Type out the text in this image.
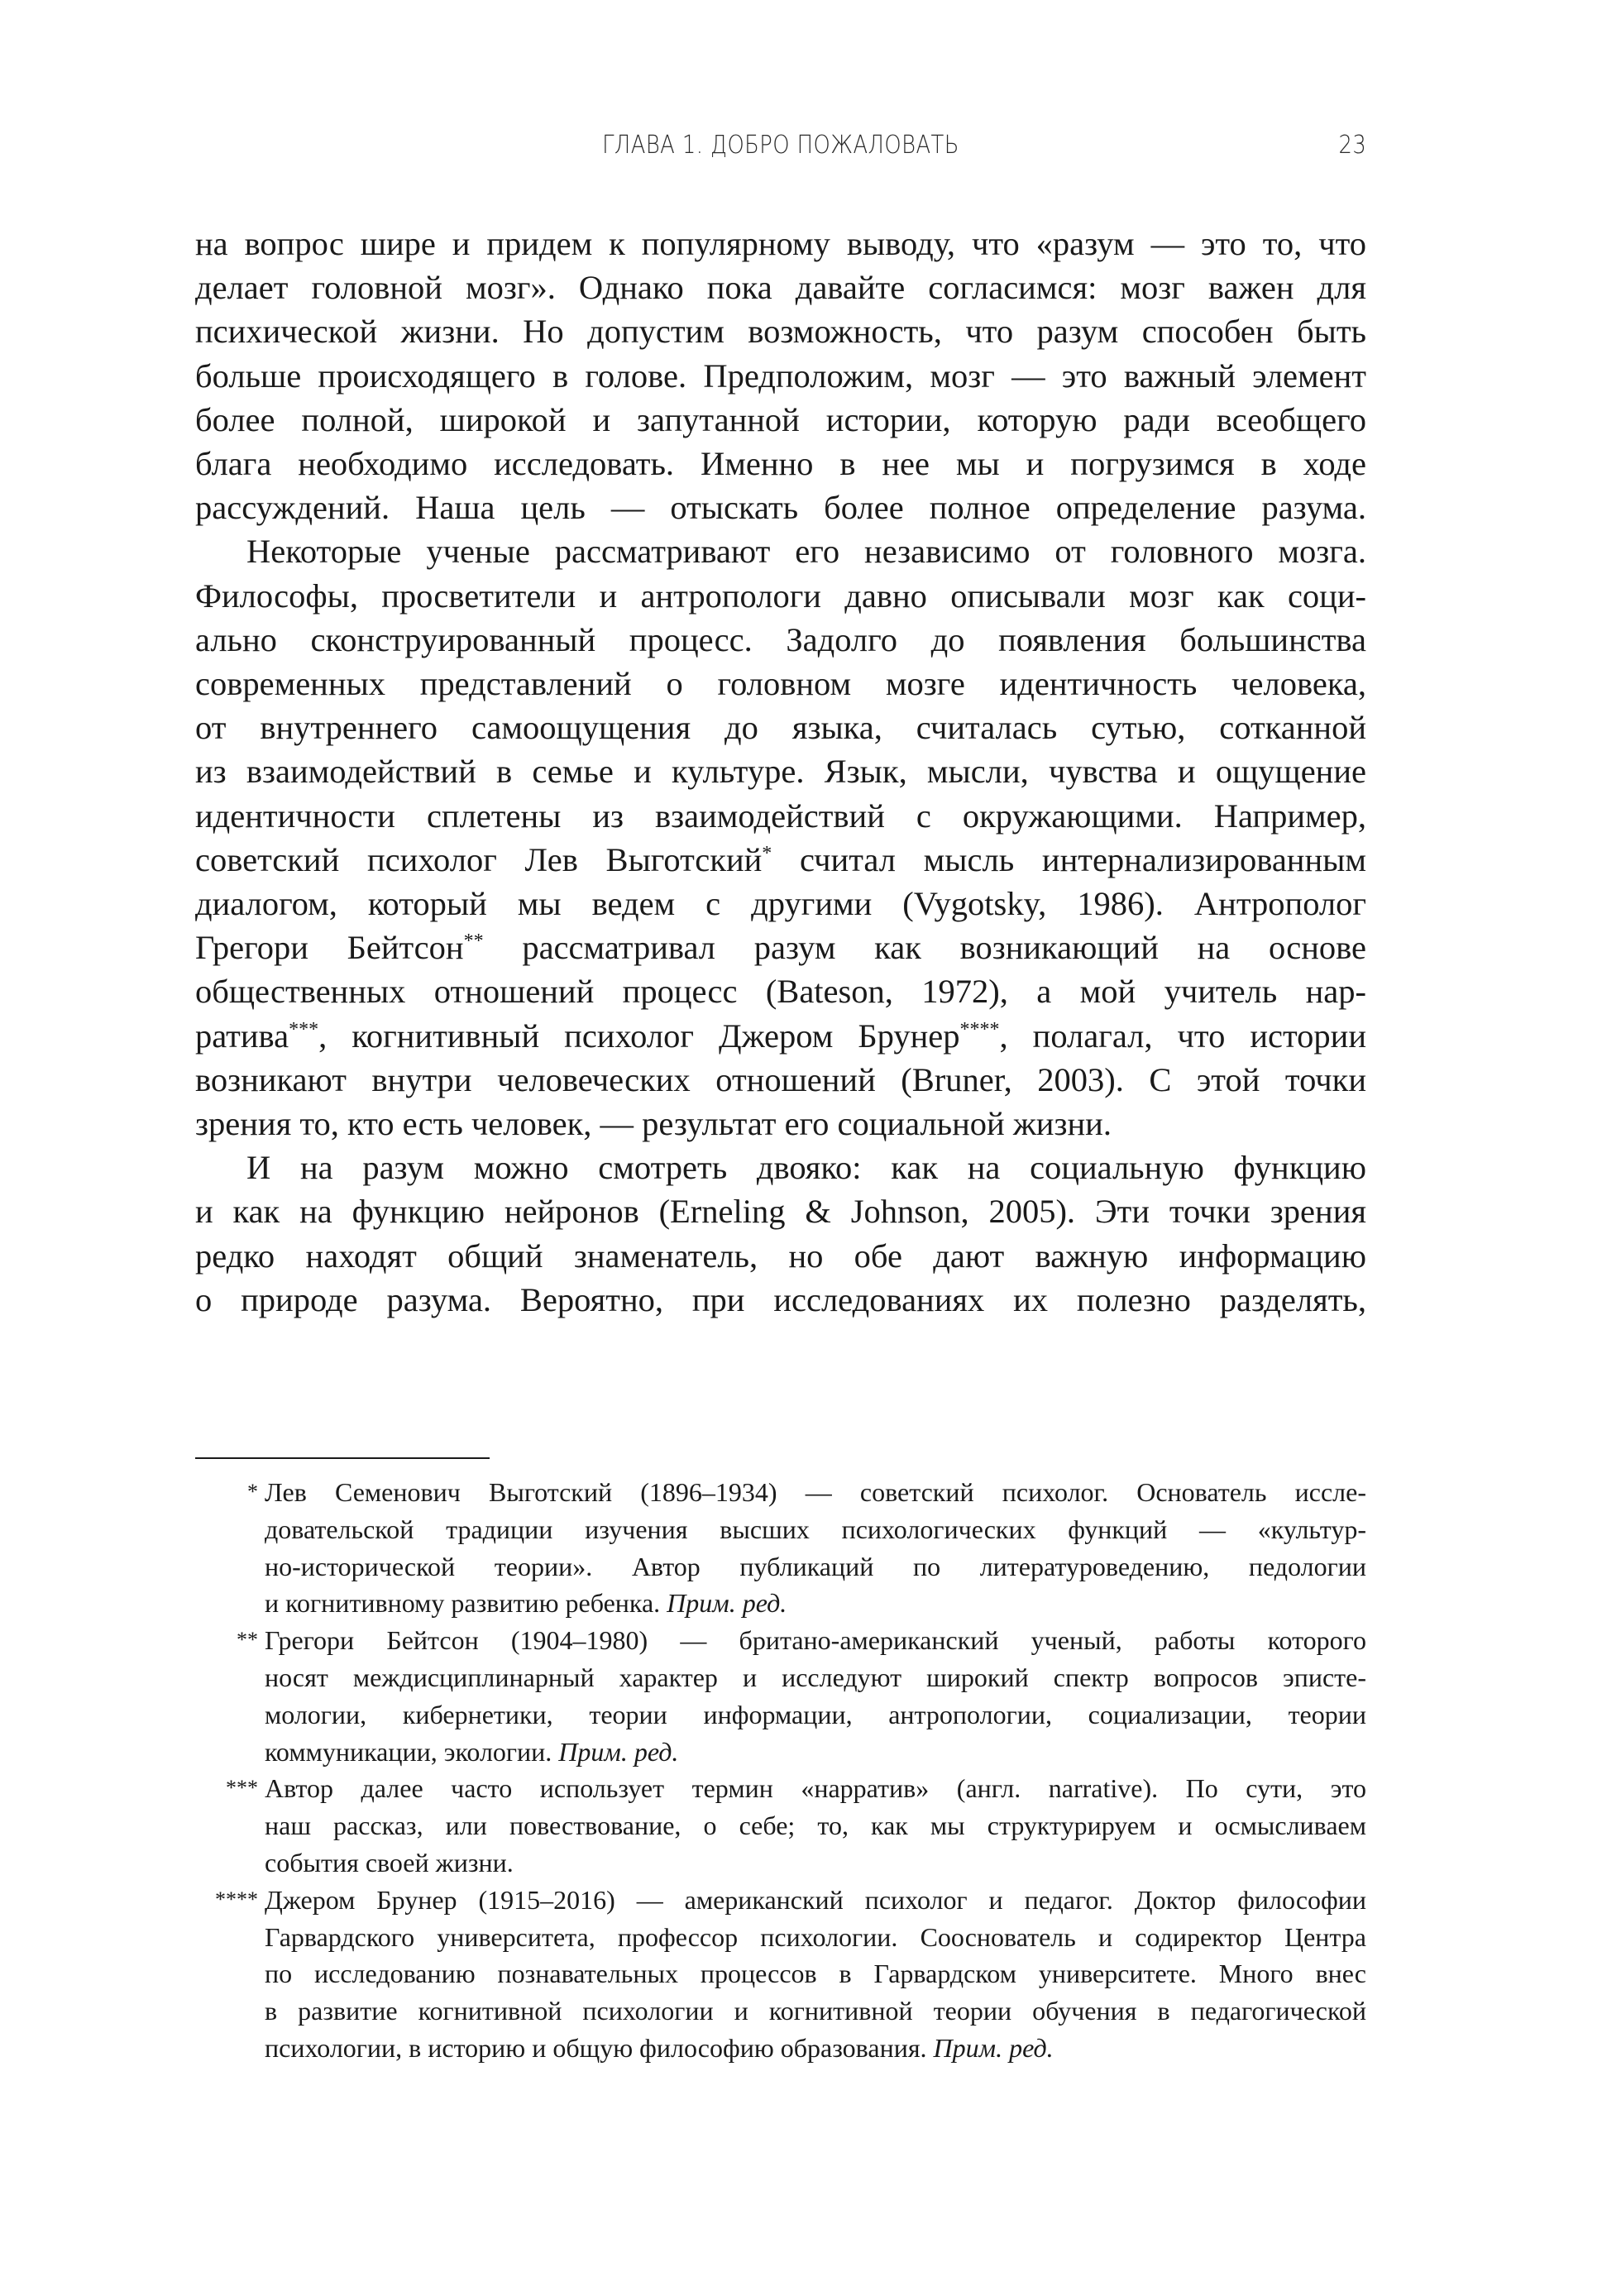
ГЛАВА 1. ДОБРО ПОЖАЛОВАТЬ	23
на вопрос шире и придем к популярному выводу, что «разум — это то, что
делает головной мозг». Однако пока давайте согласимся: мозг важен для
психической жизни. Но допустим возможность, что разум способен быть
больше происходящего в голове. Предположим, мозг — это важный элемент
более полной, широкой и запутанной истории, которую ради всеобщего
блага необходимо исследовать. Именно в нее мы и погрузимся в ходе
рассуждений. Наша цель — отыскать более полное определение разума.
Некоторые ученые рассматривают его независимо от головного мозга.
Философы, просветители и антропологи давно описывали мозг как соци-
ально сконструированный процесс. Задолго до появления большинства
современных представлений о головном мозге идентичность человека,
от внутреннего самоощущения до языка, считалась сутью, сотканной
из взаимодействий в семье и культуре. Язык, мысли, чувства и ощущение
идентичности сплетены из взаимодействий с окружающими. Например,
советский психолог Лев Выготский* считал мысль интернализированным
диалогом, который мы ведем с другими (Vygotsky, 1986). Антрополог
Грегори Бейтсон** рассматривал разум как возникающий на основе
общественных отношений процесс (Bateson, 1972), а мой учитель нар-
ратива***, когнитивный психолог Джером Брунер****, полагал, что истории
возникают внутри человеческих отношений (Bruner, 2003). С этой точки
зрения то, кто есть человек, — результат его социальной жизни.
И на разум можно смотреть двояко: как на социальную функцию
и как на функцию нейронов (Erneling & Johnson, 2005). Эти точки зрения
редко находят общий знаменатель, но обе дают важную информацию
о природе разума. Вероятно, при исследованиях их полезно разделять,
* Лев Семенович Выготский (1896–1934) — советский психолог. Основатель иссле-
довательской традиции изучения высших психологических функций — «культур-
но-исторической теории». Автор публикаций по литературоведению, педологии
и когнитивному развитию ребенка. Прим. ред.
** Грегори Бейтсон (1904–1980) — британо-американский ученый, работы которого
носят междисциплинарный характер и исследуют широкий спектр вопросов эписте-
мологии, кибернетики, теории информации, антропологии, социализации, теории
коммуникации, экологии. Прим. ред.
*** Автор далее часто использует термин «нарратив» (англ. narrative). По сути, это
наш рассказ, или повествование, о себе; то, как мы структурируем и осмысливаем
события своей жизни.
**** Джером Брунер (1915–2016) — американский психолог и педагог. Доктор философии
Гарвардского университета, профессор психологии. Сооснователь и содиректор Центра
по исследованию познавательных процессов в Гарвардском университете. Много внес
в развитие когнитивной психологии и когнитивной теории обучения в педагогической
психологии, в историю и общую философию образования. Прим. ред.
